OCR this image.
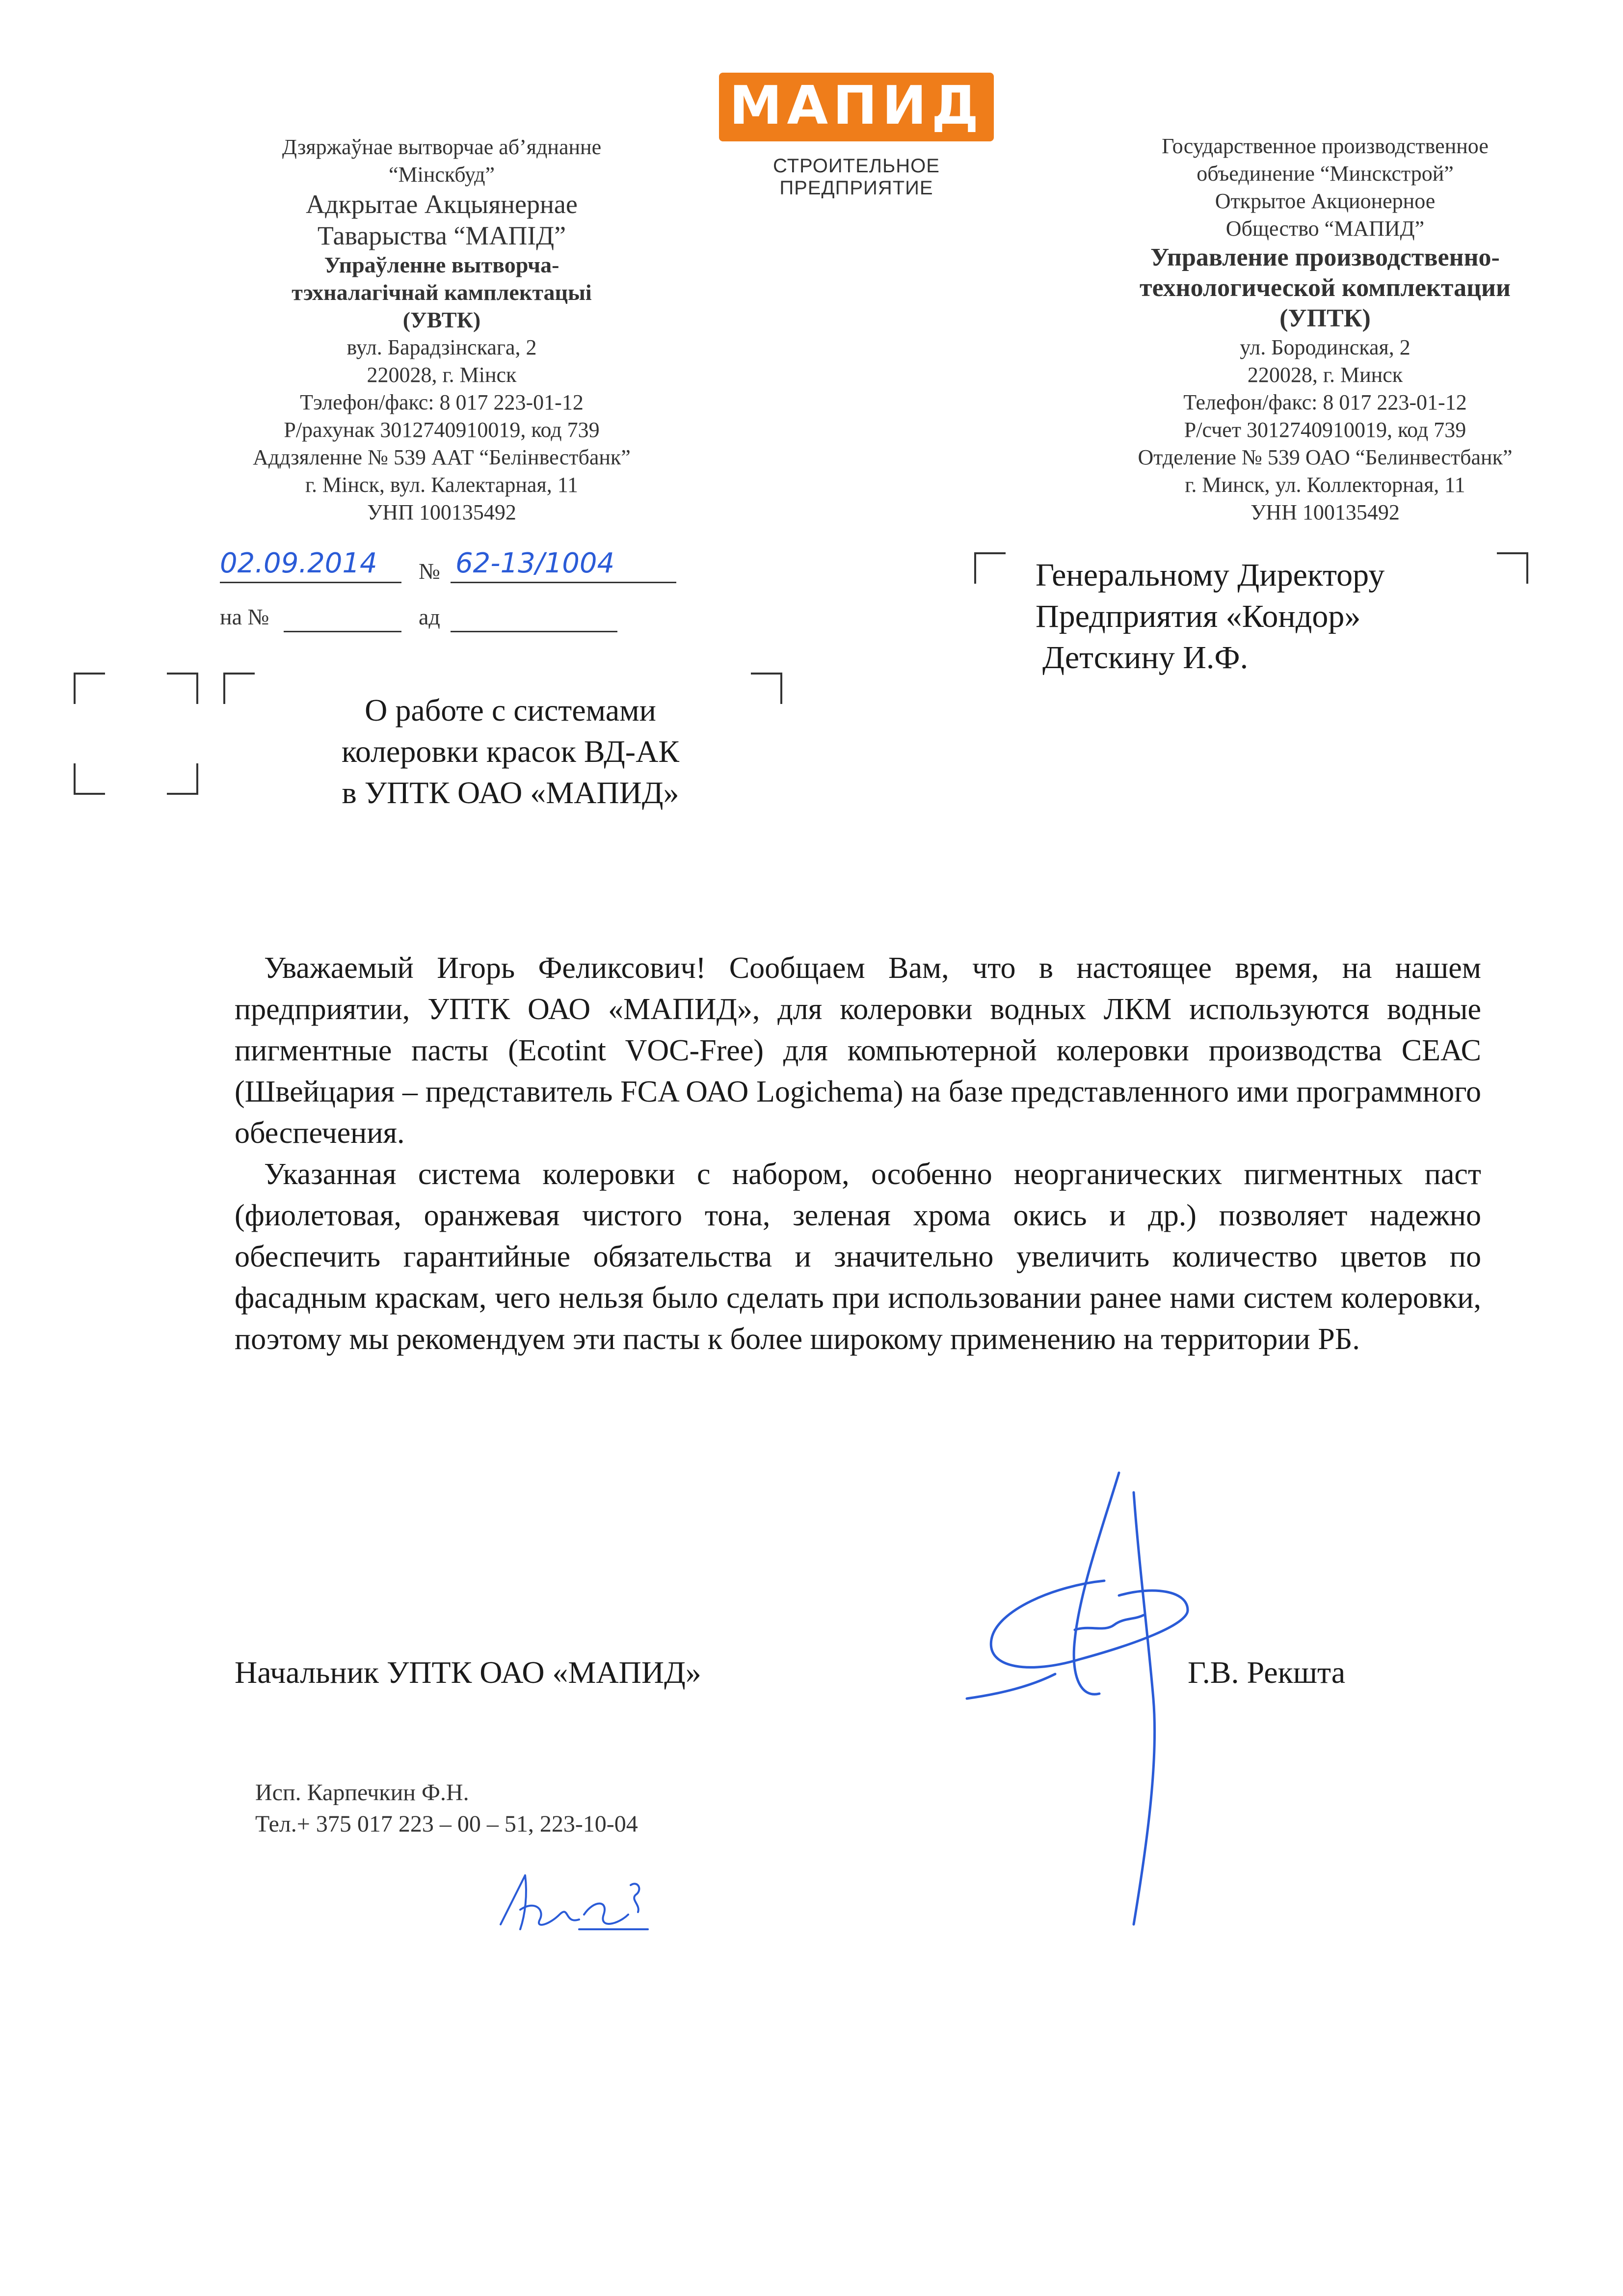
МАПИД
СТРОИТЕЛЬНОЕ ПРЕДПРИЯТИЕ
Дзяржаўнае вытворчае аб’яднанне
“Мінскбуд”
Адкрытае Акцыянернае
Таварыства “МАПІД”
Упраўленне вытворча-
тэхналагічнай камплектацыі
(УВТК)
вул. Барадзінскага, 2
220028, г. Мінск
Тэлефон/факс: 8 017 223-01-12
Р/рахунак 3012740910019, код 739
Аддзяленне № 539 ААТ “Белінвестбанк”
г. Мінск, вул. Калектарная, 11
УНП 100135492
Государственное производственное
объединение “Минскстрой”
Открытое Акционерное
Общество “МАПИД”
Управление производственно-
технологической комплектации
(УПТК)
ул. Бородинская, 2
220028, г. Минск
Телефон/факс: 8 017 223-01-12
Р/счет 3012740910019, код 739
Отделение № 539 ОАО “Белинвестбанк”
г. Минск, ул. Коллекторная, 11
УНН 100135492
02.09.2014 № 62-13/1004
на №	ад
Генеральному Директору
Предприятия «Кондор»
Детскину И.Ф.
О работе с системами
колеровки красок ВД-АК
в УПТК ОАО «МАПИД»

Уважаемый Игорь Феликсович! Сообщаем Вам, что в настоящее время, на нашем предприятии, УПТК ОАО «МАПИД», для колеровки водных ЛКМ используются водные пигментные пасты (Ecotint VOC-Free) для компьютерной колеровки производства СЕАС (Швейцария – представитель FCA ОАО Logichema) на базе представленного ими программного обеспечения.

Указанная система колеровки с набором, особенно неорганических пигментных паст (фиолетовая, оранжевая чистого тона, зеленая хрома окись и др.) позволяет надежно обеспечить гарантийные обязательства и значительно увеличить количество цветов по фасадным краскам, чего нельзя было сделать при использовании ранее нами систем колеровки, поэтому мы рекомендуем эти пасты к более широкому применению на территории РБ.

Начальник УПТК ОАО «МАПИД»	Г.В. Рекшта
Исп. Карпечкин Ф.Н.
Тел.+ 375 017 223 – 00 – 51, 223-10-04
